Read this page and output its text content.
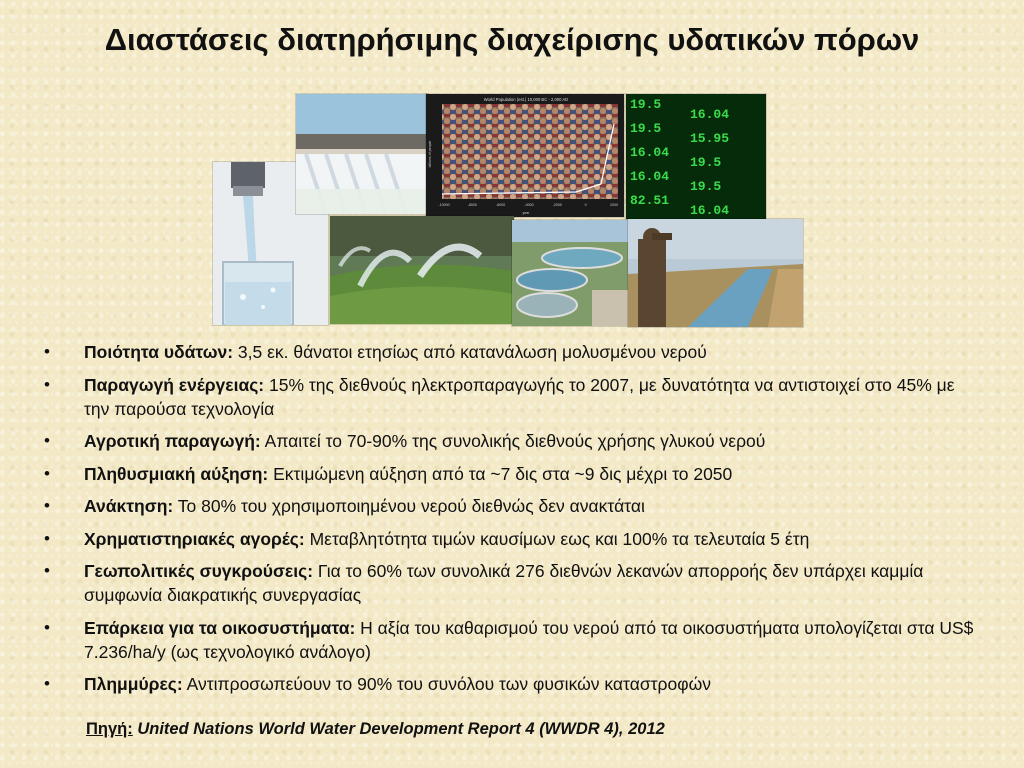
Διαστάσεις διατηρήσιμης διαχείρισης υδατικών πόρων
World Population (est.) 10,000 BC - 2,000 AD
billions of people
-10000	-8000	-6000	-4000	-2000	0	2000
year
19.5
16.04
19.5
15.95
16.04
19.5
16.04
19.5
82.51
16.04
• Ποιότητα υδάτων: 3,5 εκ. θάνατοι ετησίως από κατανάλωση μολυσμένου νερού
• Παραγωγή ενέργειας: 15% της διεθνούς ηλεκτροπαραγωγής το 2007, με δυνατότητα να αντιστοιχεί στο 45% με την παρούσα τεχνολογία
• Αγροτική παραγωγή: Απαιτεί το 70-90% της συνολικής διεθνούς χρήσης γλυκού νερού
• Πληθυσμιακή αύξηση: Εκτιμώμενη αύξηση από τα ~7 δις στα ~9 δις μέχρι το 2050
• Ανάκτηση: Το 80% του χρησιμοποιημένου νερού διεθνώς δεν ανακτάται
• Χρηματιστηριακές αγορές: Μεταβλητότητα τιμών καυσίμων εως και 100% τα τελευταία 5 έτη
• Γεωπολιτικές συγκρούσεις: Για το 60% των συνολικά 276 διεθνών λεκανών απορροής δεν υπάρχει καμμία συμφωνία διακρατικής συνεργασίας
• Επάρκεια για τα οικοσυστήματα: Η αξία του καθαρισμού του νερού από τα οικοσυστήματα υπολογίζεται στα US$ 7.236/ha/y (ως τεχνολογικό ανάλογο)
• Πλημμύρες: Αντιπροσωπεύουν το 90% του συνόλου των φυσικών καταστροφών
Πηγή: United Nations World Water Development Report 4 (WWDR 4), 2012
